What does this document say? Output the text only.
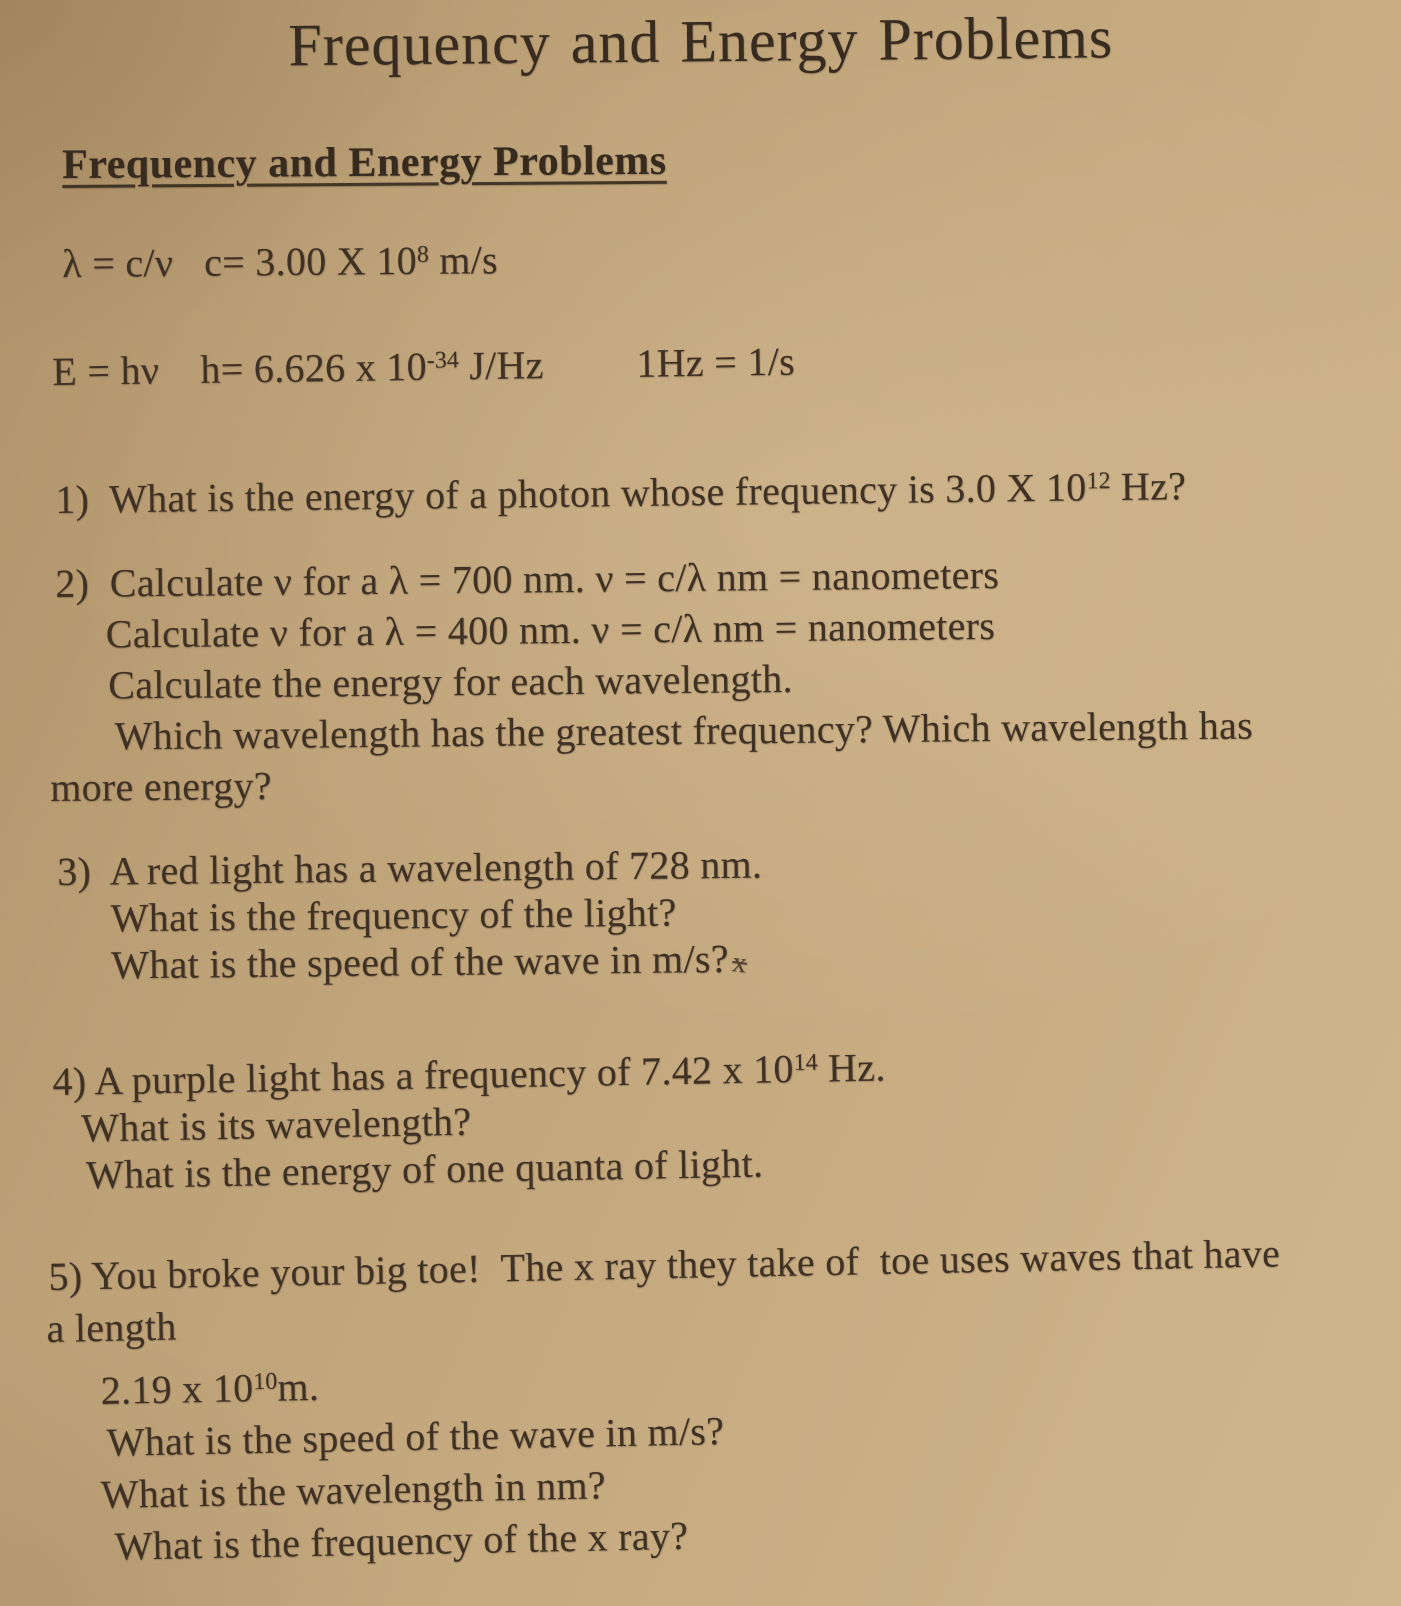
Frequency and Energy Problems
Frequency and Energy Problems
λ = c/ν   c= 3.00 X $10^8$ m/s
E = hν    h= 6.626 x $10^{-34}$ J/Hz         1Hz = 1/s
1)  What is the energy of a photon whose frequency is 3.0 X $10^{12}$ Hz?
2)  Calculate ν for a λ = 700 nm. ν = c/λ nm = nanometers
Calculate ν for a λ = 400 nm. ν = c/λ nm = nanometers
Calculate the energy for each wavelength.
Which wavelength has the greatest frequency? Which wavelength has
more energy?
3)  A red light has a wavelength of 728 nm.
What is the frequency of the light?
What is the speed of the wave in m/s?x
4) A purple light has a frequency of 7.42 x $10^{14}$ Hz.
What is its wavelength?
What is the energy of one quanta of light.
5) You broke your big toe!  The x ray they take of  toe uses waves that have
a length
2.19 x $10^{10}m$.
What is the speed of the wave in m/s?
What is the wavelength in nm?
What is the frequency of the x ray?
